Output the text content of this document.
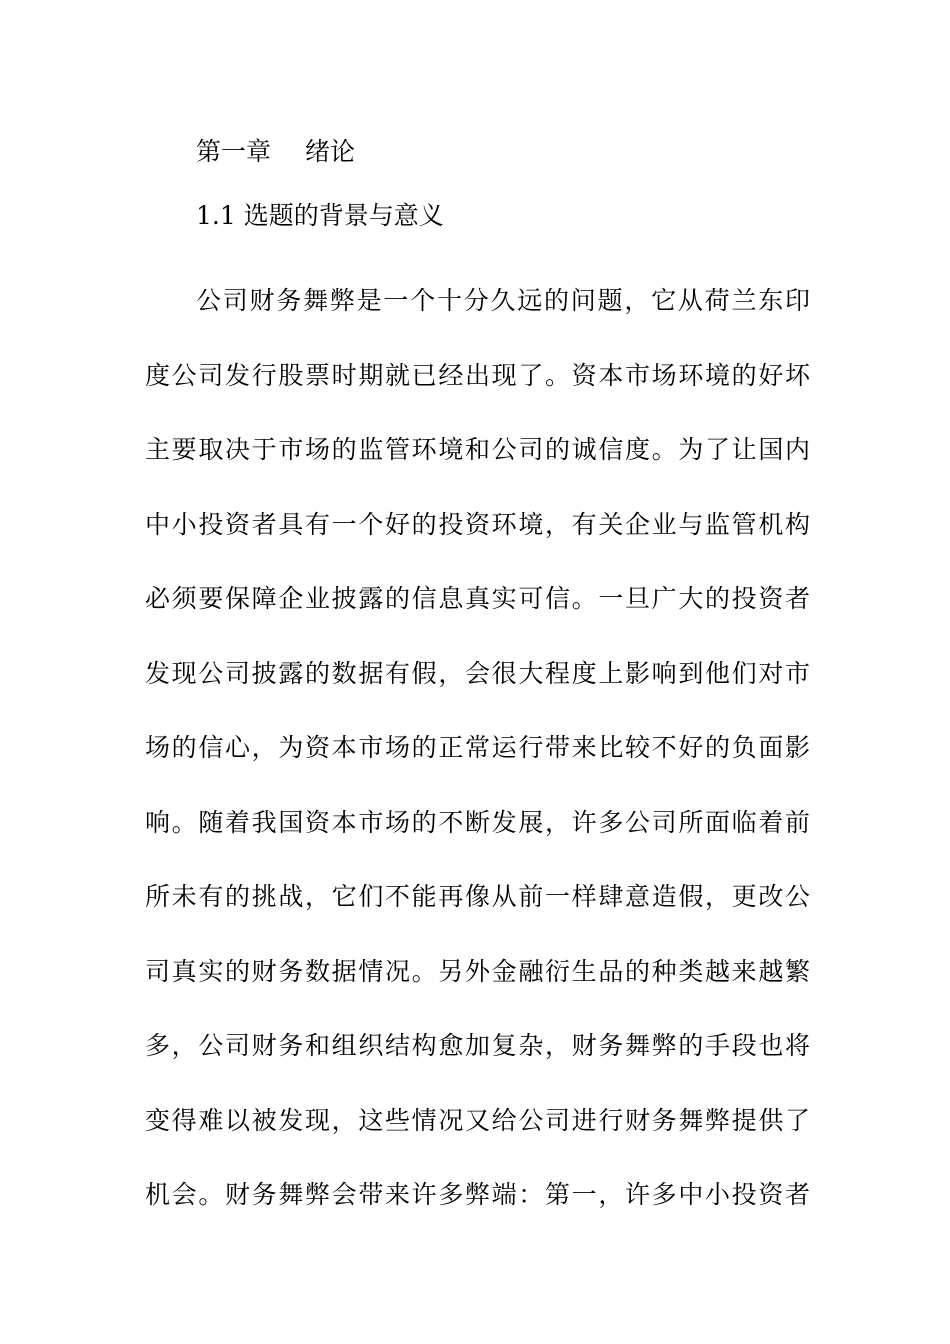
第一章 绪论
1.1 选题的背景与意义
公司财务舞弊是一个十分久远的问题，它从荷兰东印
度公司发行股票时期就已经出现了。资本市场环境的好坏
主要取决于市场的监管环境和公司的诚信度。为了让国内
中小投资者具有一个好的投资环境，有关企业与监管机构
必须要保障企业披露的信息真实可信。一旦广大的投资者
发现公司披露的数据有假，会很大程度上影响到他们对市
场的信心，为资本市场的正常运行带来比较不好的负面影
响。随着我国资本市场的不断发展，许多公司所面临着前
所未有的挑战，它们不能再像从前一样肆意造假，更改公
司真实的财务数据情况。另外金融衍生品的种类越来越繁
多，公司财务和组织结构愈加复杂，财务舞弊的手段也将
变得难以被发现，这些情况又给公司进行财务舞弊提供了
机会。财务舞弊会带来许多弊端：第一，许多中小投资者
